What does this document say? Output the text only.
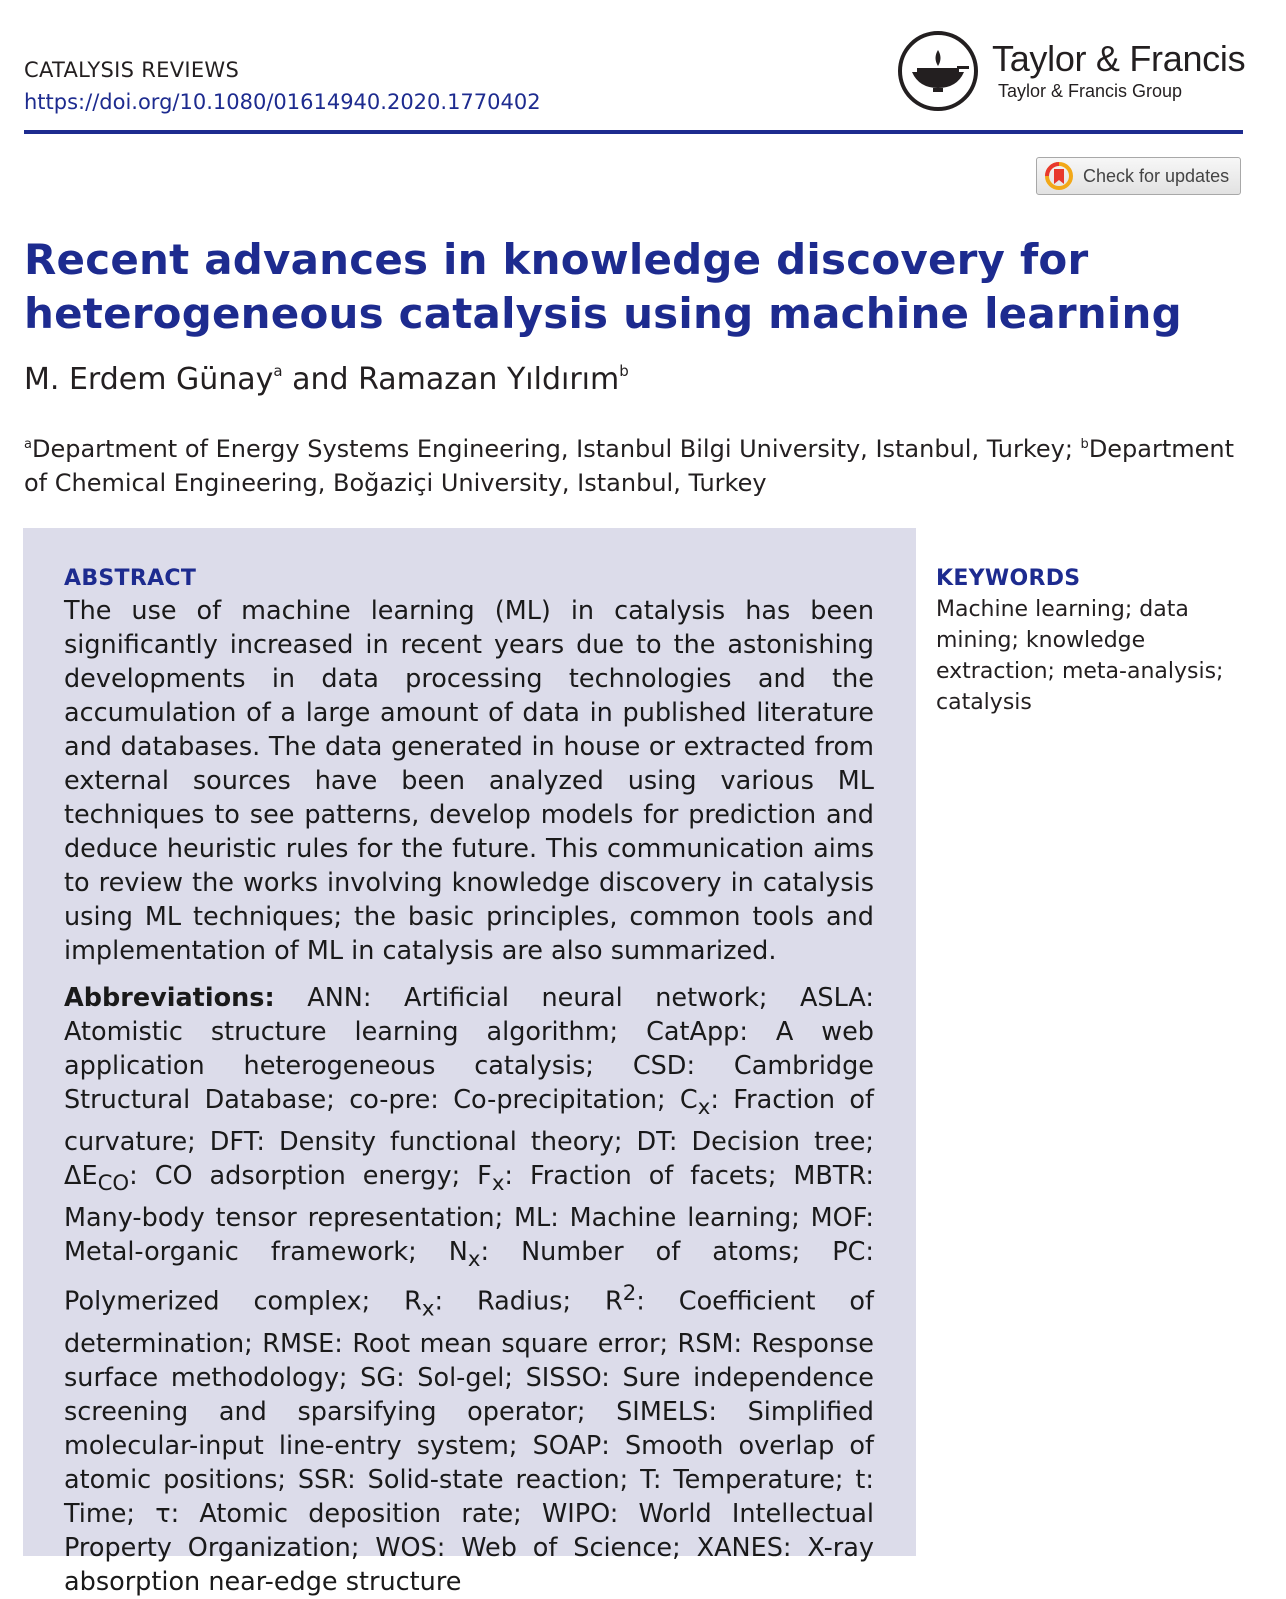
CATALYSIS REVIEWS
https://doi.org/10.1080/01614940.2020.1770402
Taylor & Francis
Taylor & Francis Group
Check for updates
Recent advances in knowledge discovery for
heterogeneous catalysis using machine learning
M. Erdem Günay$^a$ and Ramazan Yıldırım$^b$
$^a$Department of Energy Systems Engineering, Istanbul Bilgi University, Istanbul, Turkey; $^b$Department of Chemical Engineering, Boğaziçi University, Istanbul, Turkey
ABSTRACT

The use of machine learning (ML) in catalysis has been significantly increased in recent years due to the astonishing developments in data processing technologies and the accumulation of a large amount of data in published literature and databases. The data generated in house or extracted from external sources have been analyzed using various ML techniques to see patterns, develop models for prediction and deduce heuristic rules for the future. This communication aims to review the works involving knowledge discovery in catalysis using ML techniques; the basic principles, common tools and implementation of ML in catalysis are also summarized.

Abbreviations: ANN: Artificial neural network; ASLA: Atomistic structure learning algorithm; CatApp: A web application heterogeneous catalysis; CSD: Cambridge Structural Database; co-pre: Co-precipitation; $C_x$: Fraction of curvature; DFT: Density functional theory; DT: Decision tree; $\Delta E_{CO}$: CO adsorption energy; $F_x$: Fraction of facets; MBTR: Many-body tensor representation; ML: Machine learning; MOF: Metal-organic framework; $N_x$: Number of atoms; PC: Polymerized complex; $R_x$: Radius; $R^2$: Coefficient of determination; RMSE: Root mean square error; RSM: Response surface methodology; SG: Sol-gel; SISSO: Sure independence screening and sparsifying operator; SIMELS: Simplified molecular-input line-entry system; SOAP: Smooth overlap of atomic positions; SSR: Solid-state reaction; T: Temperature; t: Time; τ: Atomic deposition rate; WIPO: World Intellectual Property Organization; WOS: Web of Science; XANES: X-ray absorption near-edge structure

KEYWORDS

Machine learning; data mining; knowledge extraction; meta-analysis; catalysis
